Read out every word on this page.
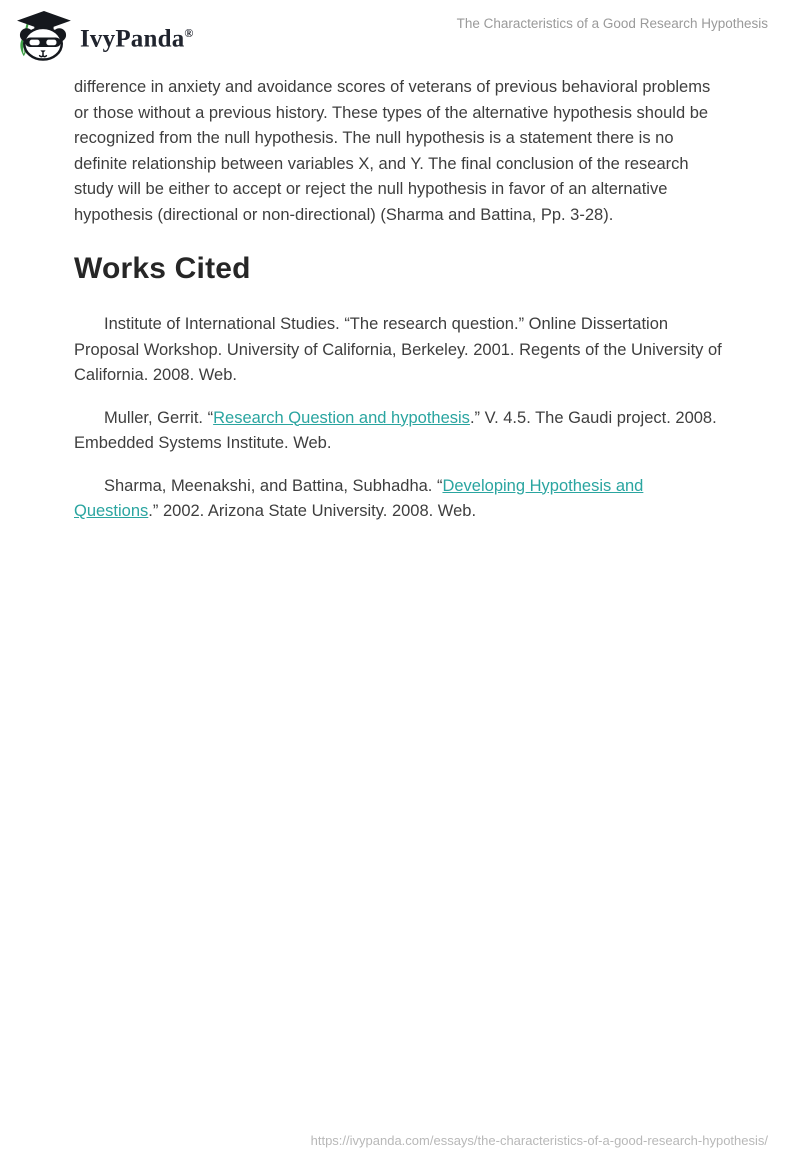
IvyPanda®
The Characteristics of a Good Research Hypothesis

difference in anxiety and avoidance scores of veterans of previous behavioral problems or those without a previous history. These types of the alternative hypothesis should be recognized from the null hypothesis. The null hypothesis is a statement there is no definite relationship between variables X, and Y. The final conclusion of the research study will be either to accept or reject the null hypothesis in favor of an alternative hypothesis (directional or non-directional) (Sharma and Battina, Pp. 3-28).

Works Cited

Institute of International Studies. “The research question.” Online Dissertation Proposal Workshop. University of California, Berkeley. 2001. Regents of the University of California. 2008. Web.

Muller, Gerrit. “Research Question and hypothesis.” V. 4.5. The Gaudi project. 2008. Embedded Systems Institute. Web.

Sharma, Meenakshi, and Battina, Subhadha. “Developing Hypothesis and Questions.” 2002. Arizona State University. 2008. Web.

https://ivypanda.com/essays/the-characteristics-of-a-good-research-hypothesis/
